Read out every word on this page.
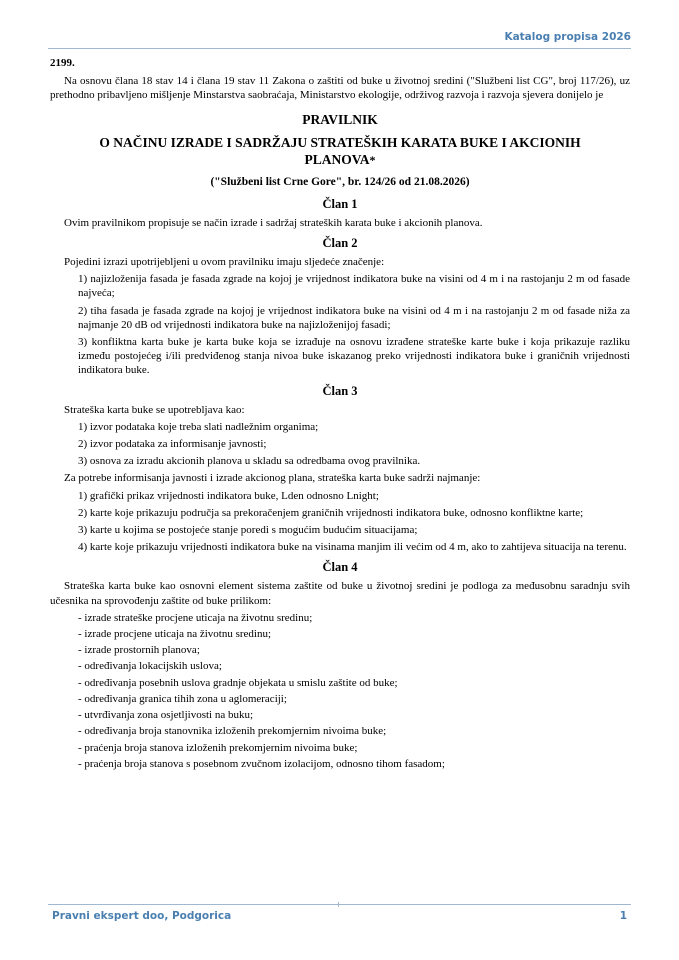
Katalog propisa 2026

2199.

Na osnovu člana 18 stav 14 i člana 19 stav 11 Zakona o zaštiti od buke u životnoj sredini ("Službeni list CG", broj 117/26), uz prethodno pribavljeno mišljenje Minstarstva saobraćaja, Ministarstvo ekologije, održivog razvoja i razvoja sjevera donijelo je

PRAVILNIK
O NAČINU IZRADE I SADRŽAJU STRATEŠKIH KARATA BUKE I AKCIONIH PLANOVA*
("Službeni list Crne Gore", br. 124/26 od 21.08.2026)
Član 1

Ovim pravilnikom propisuje se način izrade i sadržaj strateških karata buke i akcionih planova.

Član 2

Pojedini izrazi upotrijebljeni u ovom pravilniku imaju sljedeće značenje:

1) najizloženija fasada je fasada zgrade na kojoj je vrijednost indikatora buke na visini od 4 m i na rastojanju 2 m od fasade najveća;

2) tiha fasada je fasada zgrade na kojoj je vrijednost indikatora buke na visini od 4 m i na rastojanju 2 m od fasade niža za najmanje 20 dB od vrijednosti indikatora buke na najizloženijoj fasadi;

3) konfliktna karta buke je karta buke koja se izrađuje na osnovu izrađene strateške karte buke i koja prikazuje razliku između postojećeg i/ili predviđenog stanja nivoa buke iskazanog preko vrijednosti indikatora buke i graničnih vrijednosti indikatora buke.

Član 3

Strateška karta buke se upotrebljava kao:

1) izvor podataka koje treba slati nadležnim organima;

2) izvor podataka za informisanje javnosti;

3) osnova za izradu akcionih planova u skladu sa odredbama ovog pravilnika.

Za potrebe informisanja javnosti i izrade akcionog plana, strateška karta buke sadrži najmanje:

1) grafički prikaz vrijednosti indikatora buke, Lden odnosno Lnight;

2) karte koje prikazuju područja sa prekoračenjem graničnih vrijednosti indikatora buke, odnosno konfliktne karte;

3) karte u kojima se postojeće stanje poredi s mogućim budućim situacijama;

4) karte koje prikazuju vrijednosti indikatora buke na visinama manjim ili većim od 4 m, ako to zahtijeva situacija na terenu.

Član 4

Strateška karta buke kao osnovni element sistema zaštite od buke u životnoj sredini je podloga za međusobnu saradnju svih učesnika na sprovođenju zaštite od buke prilikom:

- izrade strateške procjene uticaja na životnu sredinu;

- izrade procjene uticaja na životnu sredinu;

- izrade prostornih planova;

- određivanja lokacijskih uslova;

- određivanja posebnih uslova gradnje objekata u smislu zaštite od buke;

- određivanja granica tihih zona u aglomeraciji;

- utvrđivanja zona osjetljivosti na buku;

- određivanja broja stanovnika izloženih prekomjernim nivoima buke;

- praćenja broja stanova izloženih prekomjernim nivoima buke;

- praćenja broja stanova s posebnom zvučnom izolacijom, odnosno tihom fasadom;

Pravni ekspert doo, Podgorica	1
